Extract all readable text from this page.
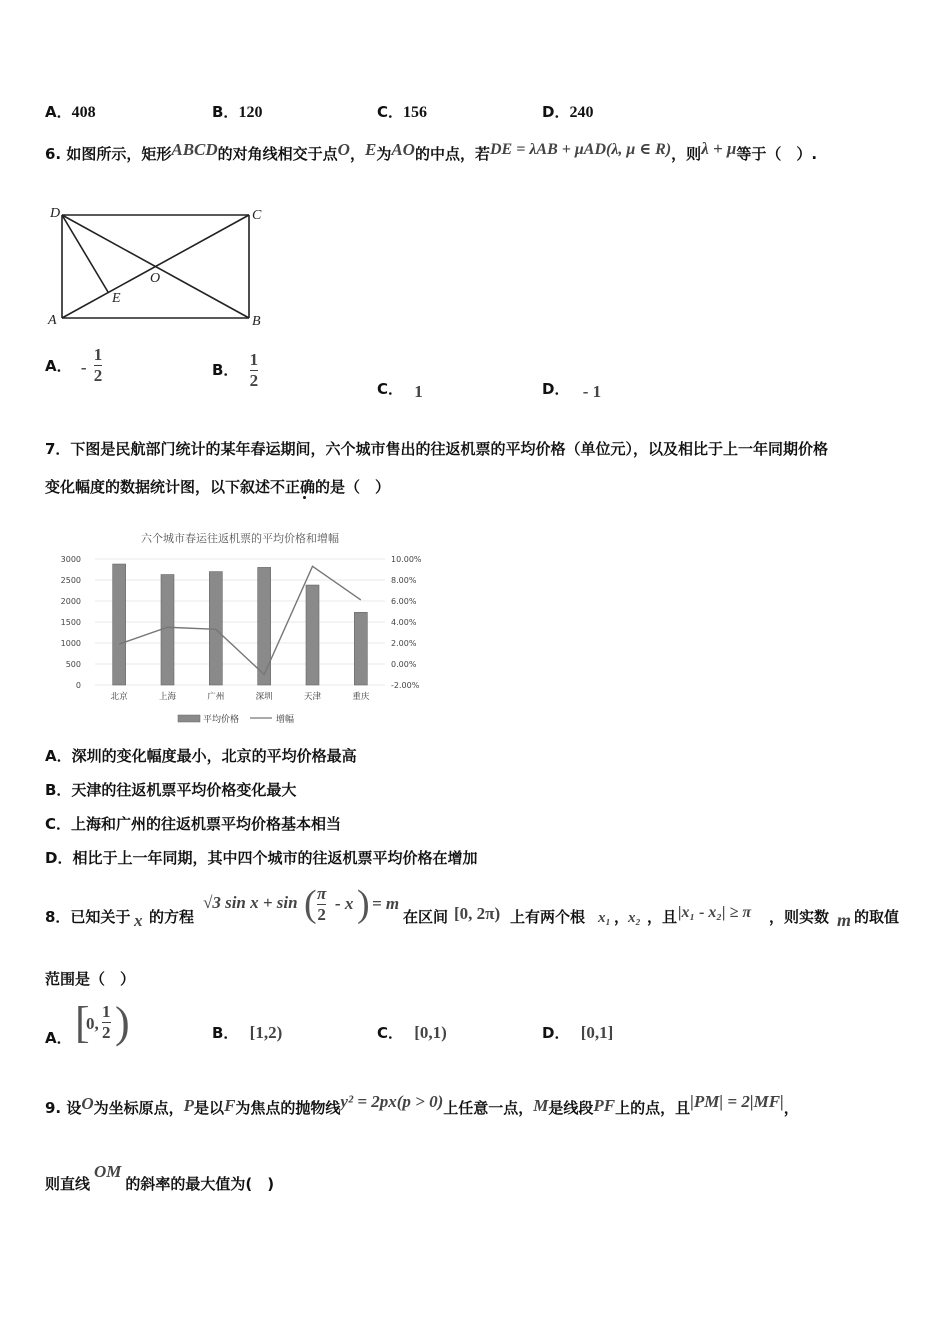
A．408	B．120	C．156	D．240
6. 如图所示，矩形ABCD的对角线相交于点O，E为AO的中点，若DE = λAB + μAD(λ, μ ∈ R)，则λ + μ等于（　）.
D	C
A	B
O
E
A． - $\frac{1}{2}$	B． $\frac{1}{2}$	C． 1	D． - 1
7．下图是民航部门统计的某年春运期间，六个城市售出的往返机票的平均价格（单位元），以及相比于上一年同期价格
变化幅度的数据统计图，以下叙述不正确的是（　）
六个城市春运往返机票的平均价格和增幅
3000
2500
2000
1500
1000
500
0
10.00%
8.00%
6.00%
4.00%
2.00%
0.00%
-2.00%
北京	上海	广州	深圳	天津	重庆
平均价格	增幅
A．深圳的变化幅度最小，北京的平均价格最高
B．天津的往返机票平均价格变化最大
C．上海和广州的往返机票平均价格基本相当
D．相比于上一年同期，其中四个城市的往返机票平均价格在增加
8．已知关于 x 的方程
√3 sin x + sin ( π
2
- x ) = m
在区间 [0, 2π) 上有两个根 x₁ ，
x₂ ，且 |x₁ - x₂| ≥ π ，则实数 m 的取值
范围是（　）
A． [
0,
1
2 )	B． [1,2)	C． [0,1)	D． [0,1]
9. 设O为坐标原点，P是以F为焦点的抛物线y² = 2px(p > 0)上任意一点，M是线段PF上的点，且|PM| = 2|MF|，
则直线OM的斜率的最大值为(　)
